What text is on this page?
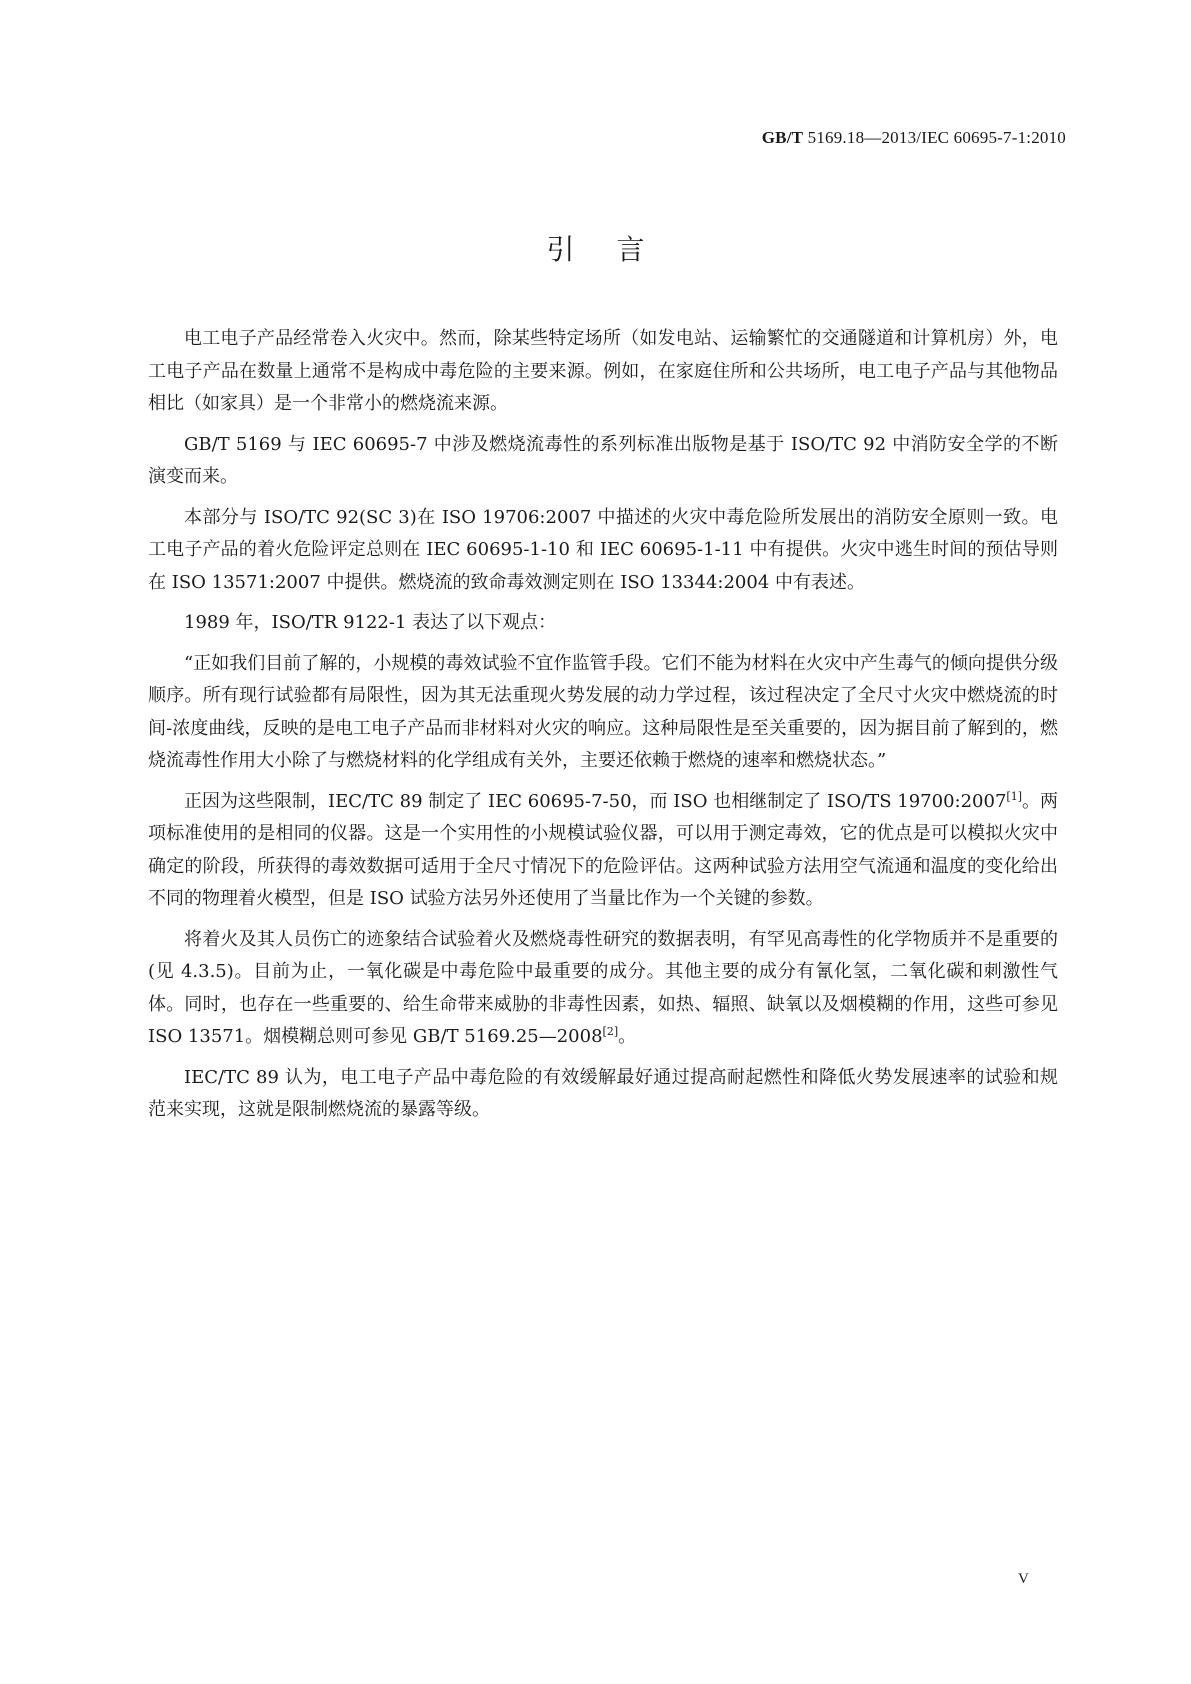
GB/T 5169.18—2013/IEC 60695-7-1:2010
引言

电工电子产品经常卷入火灾中。然而，除某些特定场所（如发电站、运输繁忙的交通隧道和计算机房）外，电工电子产品在数量上通常不是构成中毒危险的主要来源。例如，在家庭住所和公共场所，电工电子产品与其他物品相比（如家具）是一个非常小的燃烧流来源。

GB/T 5169 与 IEC 60695-7 中涉及燃烧流毒性的系列标准出版物是基于 ISO/TC 92 中消防安全学的不断演变而来。

本部分与 ISO/TC 92(SC 3)在 ISO 19706:2007 中描述的火灾中毒危险所发展出的消防安全原则一致。电工电子产品的着火危险评定总则在 IEC 60695-1-10 和 IEC 60695-1-11 中有提供。火灾中逃生时间的预估导则在 ISO 13571:2007 中提供。燃烧流的致命毒效测定则在 ISO 13344:2004 中有表述。

1989 年，ISO/TR 9122-1 表达了以下观点：

“正如我们目前了解的，小规模的毒效试验不宜作监管手段。它们不能为材料在火灾中产生毒气的倾向提供分级顺序。所有现行试验都有局限性，因为其无法重现火势发展的动力学过程，该过程决定了全尺寸火灾中燃烧流的时间-浓度曲线，反映的是电工电子产品而非材料对火灾的响应。这种局限性是至关重要的，因为据目前了解到的，燃烧流毒性作用大小除了与燃烧材料的化学组成有关外，主要还依赖于燃烧的速率和燃烧状态。”

正因为这些限制，IEC/TC 89 制定了 IEC 60695-7-50，而 ISO 也相继制定了 ISO/TS 19700:2007[1]。两项标准使用的是相同的仪器。这是一个实用性的小规模试验仪器，可以用于测定毒效，它的优点是可以模拟火灾中确定的阶段，所获得的毒效数据可适用于全尺寸情况下的危险评估。这两种试验方法用空气流通和温度的变化给出不同的物理着火模型，但是 ISO 试验方法另外还使用了当量比作为一个关键的参数。

将着火及其人员伤亡的迹象结合试验着火及燃烧毒性研究的数据表明，有罕见高毒性的化学物质并不是重要的(见 4.3.5)。目前为止，一氧化碳是中毒危险中最重要的成分。其他主要的成分有氰化氢，二氧化碳和刺激性气体。同时，也存在一些重要的、给生命带来威胁的非毒性因素，如热、辐照、缺氧以及烟模糊的作用，这些可参见 ISO 13571。烟模糊总则可参见 GB/T 5169.25—2008[2]。

IEC/TC 89 认为，电工电子产品中毒危险的有效缓解最好通过提高耐起燃性和降低火势发展速率的试验和规范来实现，这就是限制燃烧流的暴露等级。

V
